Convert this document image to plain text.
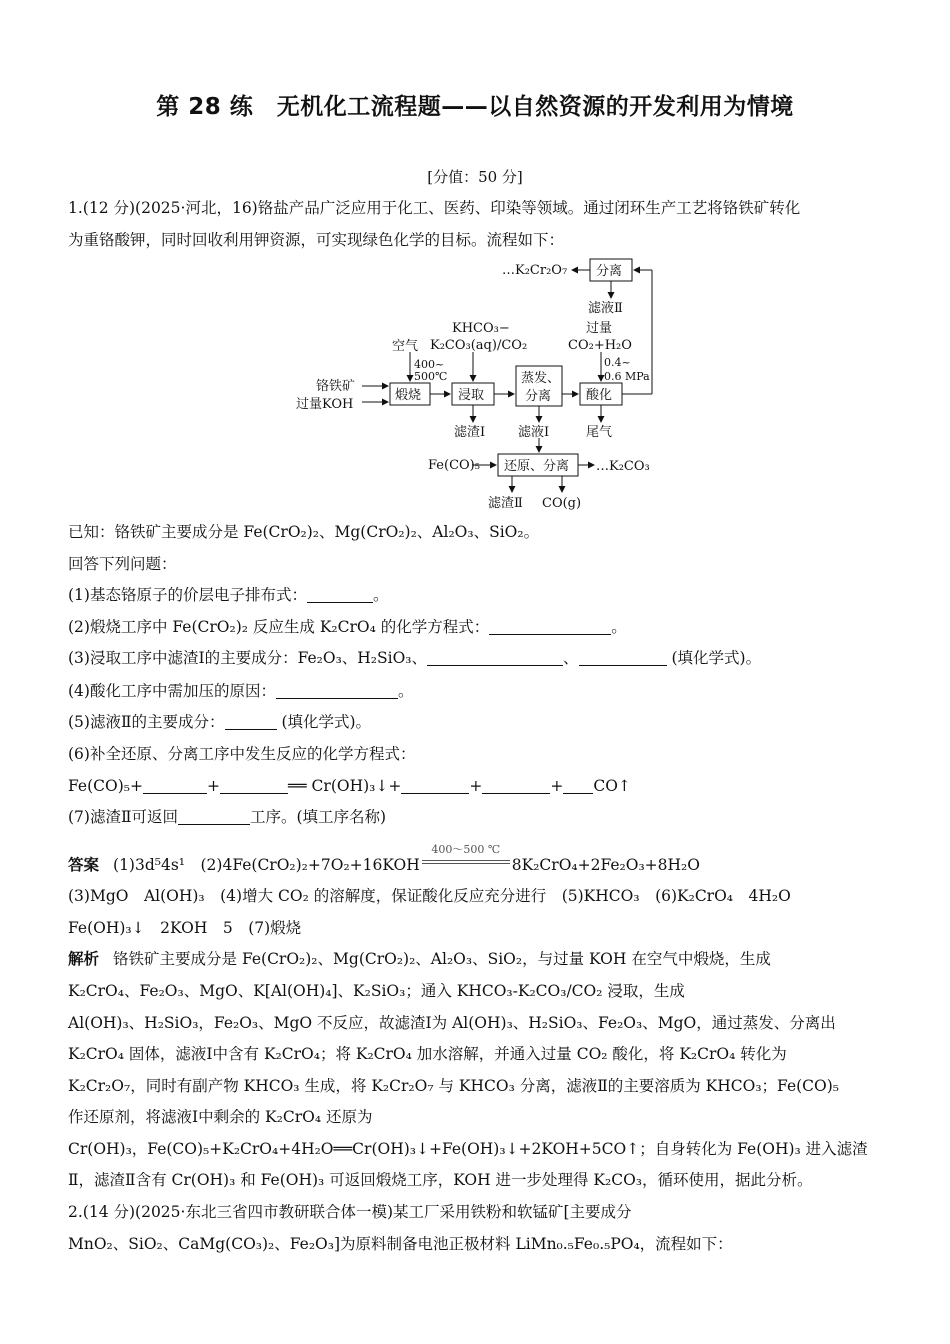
第 28 练　无机化工流程题——以自然资源的开发利用为情境
[分值：50 分]
1.(12 分)(2025·河北，16)铬盐产品广泛应用于化工、医药、印染等领域。通过闭环生产工艺将铬铁矿转化
为重铬酸钾，同时回收利用钾资源，可实现绿色化学的目标。流程如下：
铬铁矿
过量KOH
空气
400~
500℃
煅烧	浸取
KHCO₃−
K₂CO₃(aq)/CO₂
蒸发、
分离
过量
CO₂+H₂O
0.4~
0.6 MPa
酸化
分离
…K₂Cr₂O₇
滤液Ⅱ
滤渣Ⅰ	滤液Ⅰ	尾气
Fe(CO)₅ 还原、分离 …K₂CO₃
滤渣Ⅱ CO(g)
已知：铬铁矿主要成分是 Fe(CrO₂)₂、Mg(CrO₂)₂、Al₂O₃、SiO₂。
回答下列问题：
(1)基态铬原子的价层电子排布式：	。
(2)煅烧工序中 Fe(CrO₂)₂ 反应生成 K₂CrO₄ 的化学方程式：	。
(3)浸取工序中滤渣Ⅰ的主要成分：Fe₂O₃、H₂SiO₃、	、	(填化学式)。
(4)酸化工序中需加压的原因：	。
(5)滤液Ⅱ的主要成分：	(填化学式)。
(6)补全还原、分离工序中发生反应的化学方程式：
Fe(CO)₅+	+	══ Cr(OH)₃↓+	+	+ CO↑
(7)滤渣Ⅱ可返回	工序。(填工序名称)
答案 (1)3d⁵4s¹　(2)4Fe(CrO₂)₂+7O₂+16KOH
400～500 ℃
8K₂CrO₄+2Fe₂O₃+8H₂O
(3)MgO　Al(OH)₃　(4)增大 CO₂ 的溶解度，保证酸化反应充分进行　(5)KHCO₃　(6)K₂CrO₄　4H₂O
Fe(OH)₃↓　2KOH　5　(7)煅烧
解析 铬铁矿主要成分是 Fe(CrO₂)₂、Mg(CrO₂)₂、Al₂O₃、SiO₂，与过量 KOH 在空气中煅烧，生成
K₂CrO₄、Fe₂O₃、MgO、K[Al(OH)₄]、K₂SiO₃；通入 KHCO₃-K₂CO₃/CO₂ 浸取，生成
Al(OH)₃、H₂SiO₃，Fe₂O₃、MgO 不反应，故滤渣Ⅰ为 Al(OH)₃、H₂SiO₃、Fe₂O₃、MgO，通过蒸发、分离出
K₂CrO₄ 固体，滤液Ⅰ中含有 K₂CrO₄；将 K₂CrO₄ 加水溶解，并通入过量 CO₂ 酸化，将 K₂CrO₄ 转化为
K₂Cr₂O₇，同时有副产物 KHCO₃ 生成，将 K₂Cr₂O₇ 与 KHCO₃ 分离，滤液Ⅱ的主要溶质为 KHCO₃；Fe(CO)₅
作还原剂，将滤液Ⅰ中剩余的 K₂CrO₄ 还原为
Cr(OH)₃，Fe(CO)₅+K₂CrO₄+4H₂O══Cr(OH)₃↓+Fe(OH)₃↓+2KOH+5CO↑；自身转化为 Fe(OH)₃ 进入滤渣
Ⅱ，滤渣Ⅱ含有 Cr(OH)₃ 和 Fe(OH)₃ 可返回煅烧工序，KOH 进一步处理得 K₂CO₃，循环使用，据此分析。
2.(14 分)(2025·东北三省四市教研联合体一模)某工厂采用铁粉和软锰矿[主要成分
MnO₂、SiO₂、CaMg(CO₃)₂、Fe₂O₃]为原料制备电池正极材料 LiMn₀.₅Fe₀.₅PO₄，流程如下：
